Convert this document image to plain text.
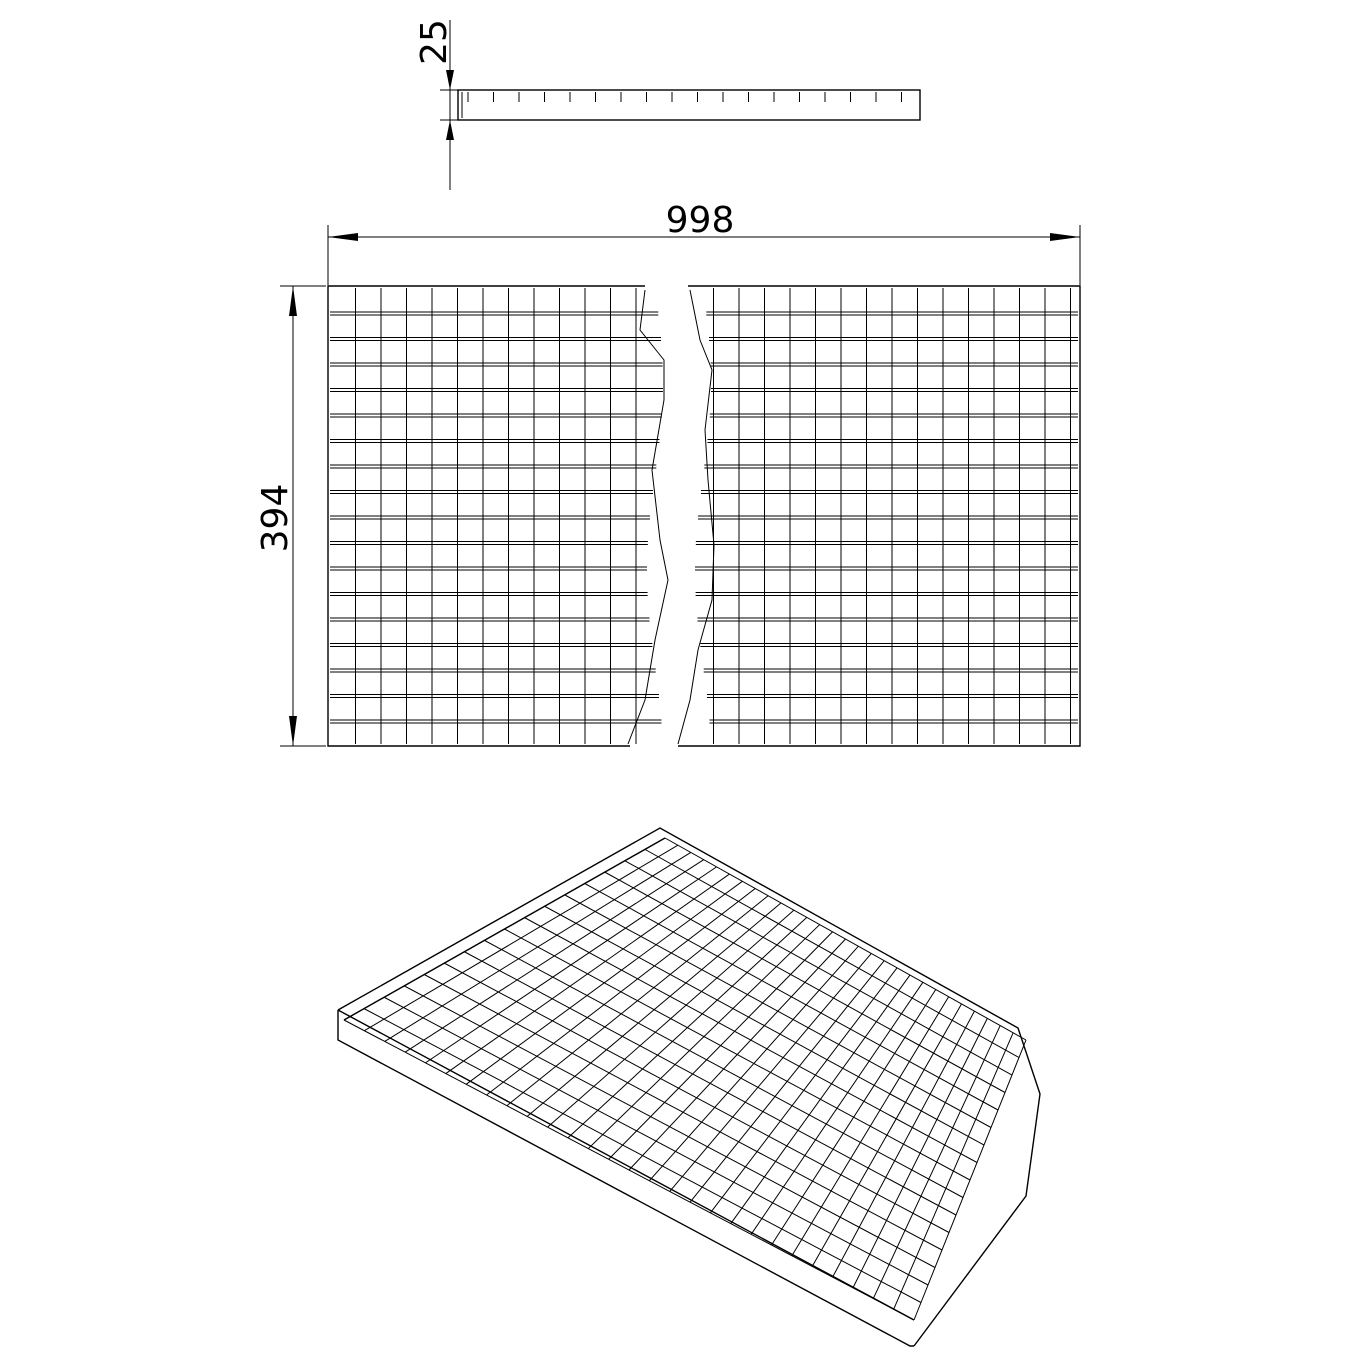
25
998
394
